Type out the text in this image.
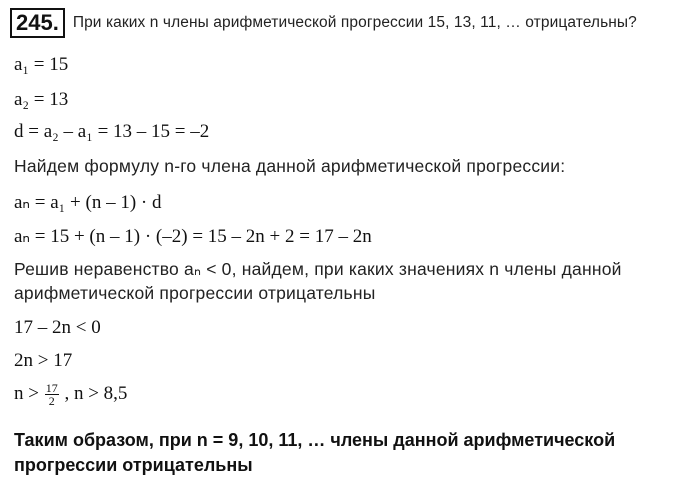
245. При каких n члены арифметической прогрессии 15, 13, 11, … отрицательны?
a₁ = 15
a₂ = 13
d = a₂ – a₁ = 13 – 15 = –2
Найдем формулу n-го члена данной арифметической прогрессии:
aₙ = a₁ + (n – 1) · d
aₙ = 15 + (n – 1) · (–2) = 15 – 2n + 2 = 17 – 2n
Решив неравенство aₙ < 0, найдем, при каких значениях n члены данной
арифметической прогрессии отрицательны
17 – 2n < 0
2n > 17
$n > \frac{17}{2}$ , n > 8,5
Таким образом, при n = 9, 10, 11, … члены данной арифметической
прогрессии отрицательны
